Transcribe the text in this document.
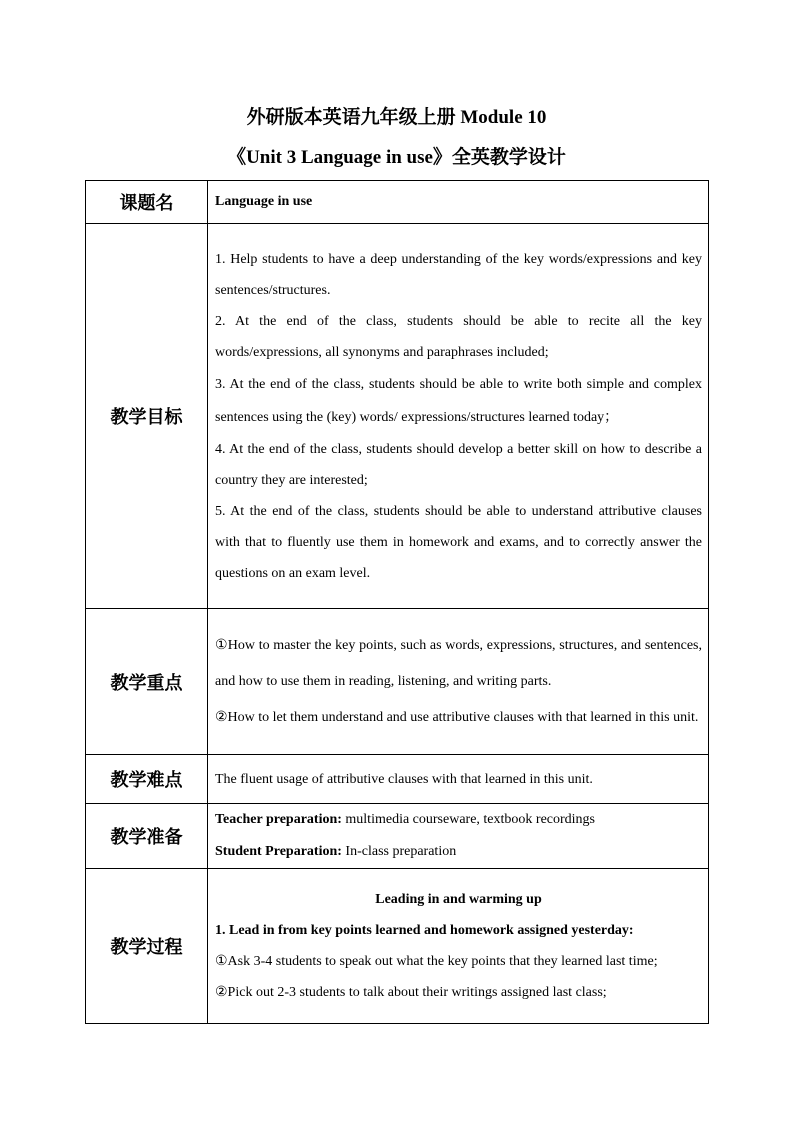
外研版本英语九年级上册 Module 10
《Unit 3 Language in use》全英教学设计
课题名	Language in use
教学目标	1. Help students to have a deep understanding of the key words/expressions and key sentences/structures.

2. At the end of the class, students should be able to recite all the key words/expressions, all synonyms and paraphrases included;

3. At the end of the class, students should be able to write both simple and complex sentences using the (key) words/ expressions/structures learned today；

4. At the end of the class, students should develop a better skill on how to describe a country they are interested;

5. At the end of the class, students should be able to understand attributive clauses with that to fluently use them in homework and exams, and to correctly answer the questions on an exam level.

教学重点	①How to master the key points, such as words, expressions, structures, and sentences, and how to use them in reading, listening, and writing parts.

②How to let them understand and use attributive clauses with that learned in this unit.

教学难点	The fluent usage of attributive clauses with that learned in this unit.
教学准备	Teacher preparation: multimedia courseware, textbook recordings

Student Preparation: In-class preparation

教学过程	Leading in and warming up

1. Lead in from key points learned and homework assigned yesterday:

①Ask 3-4 students to speak out what the key points that they learned last time;

②Pick out 2-3 students to talk about their writings assigned last class;
